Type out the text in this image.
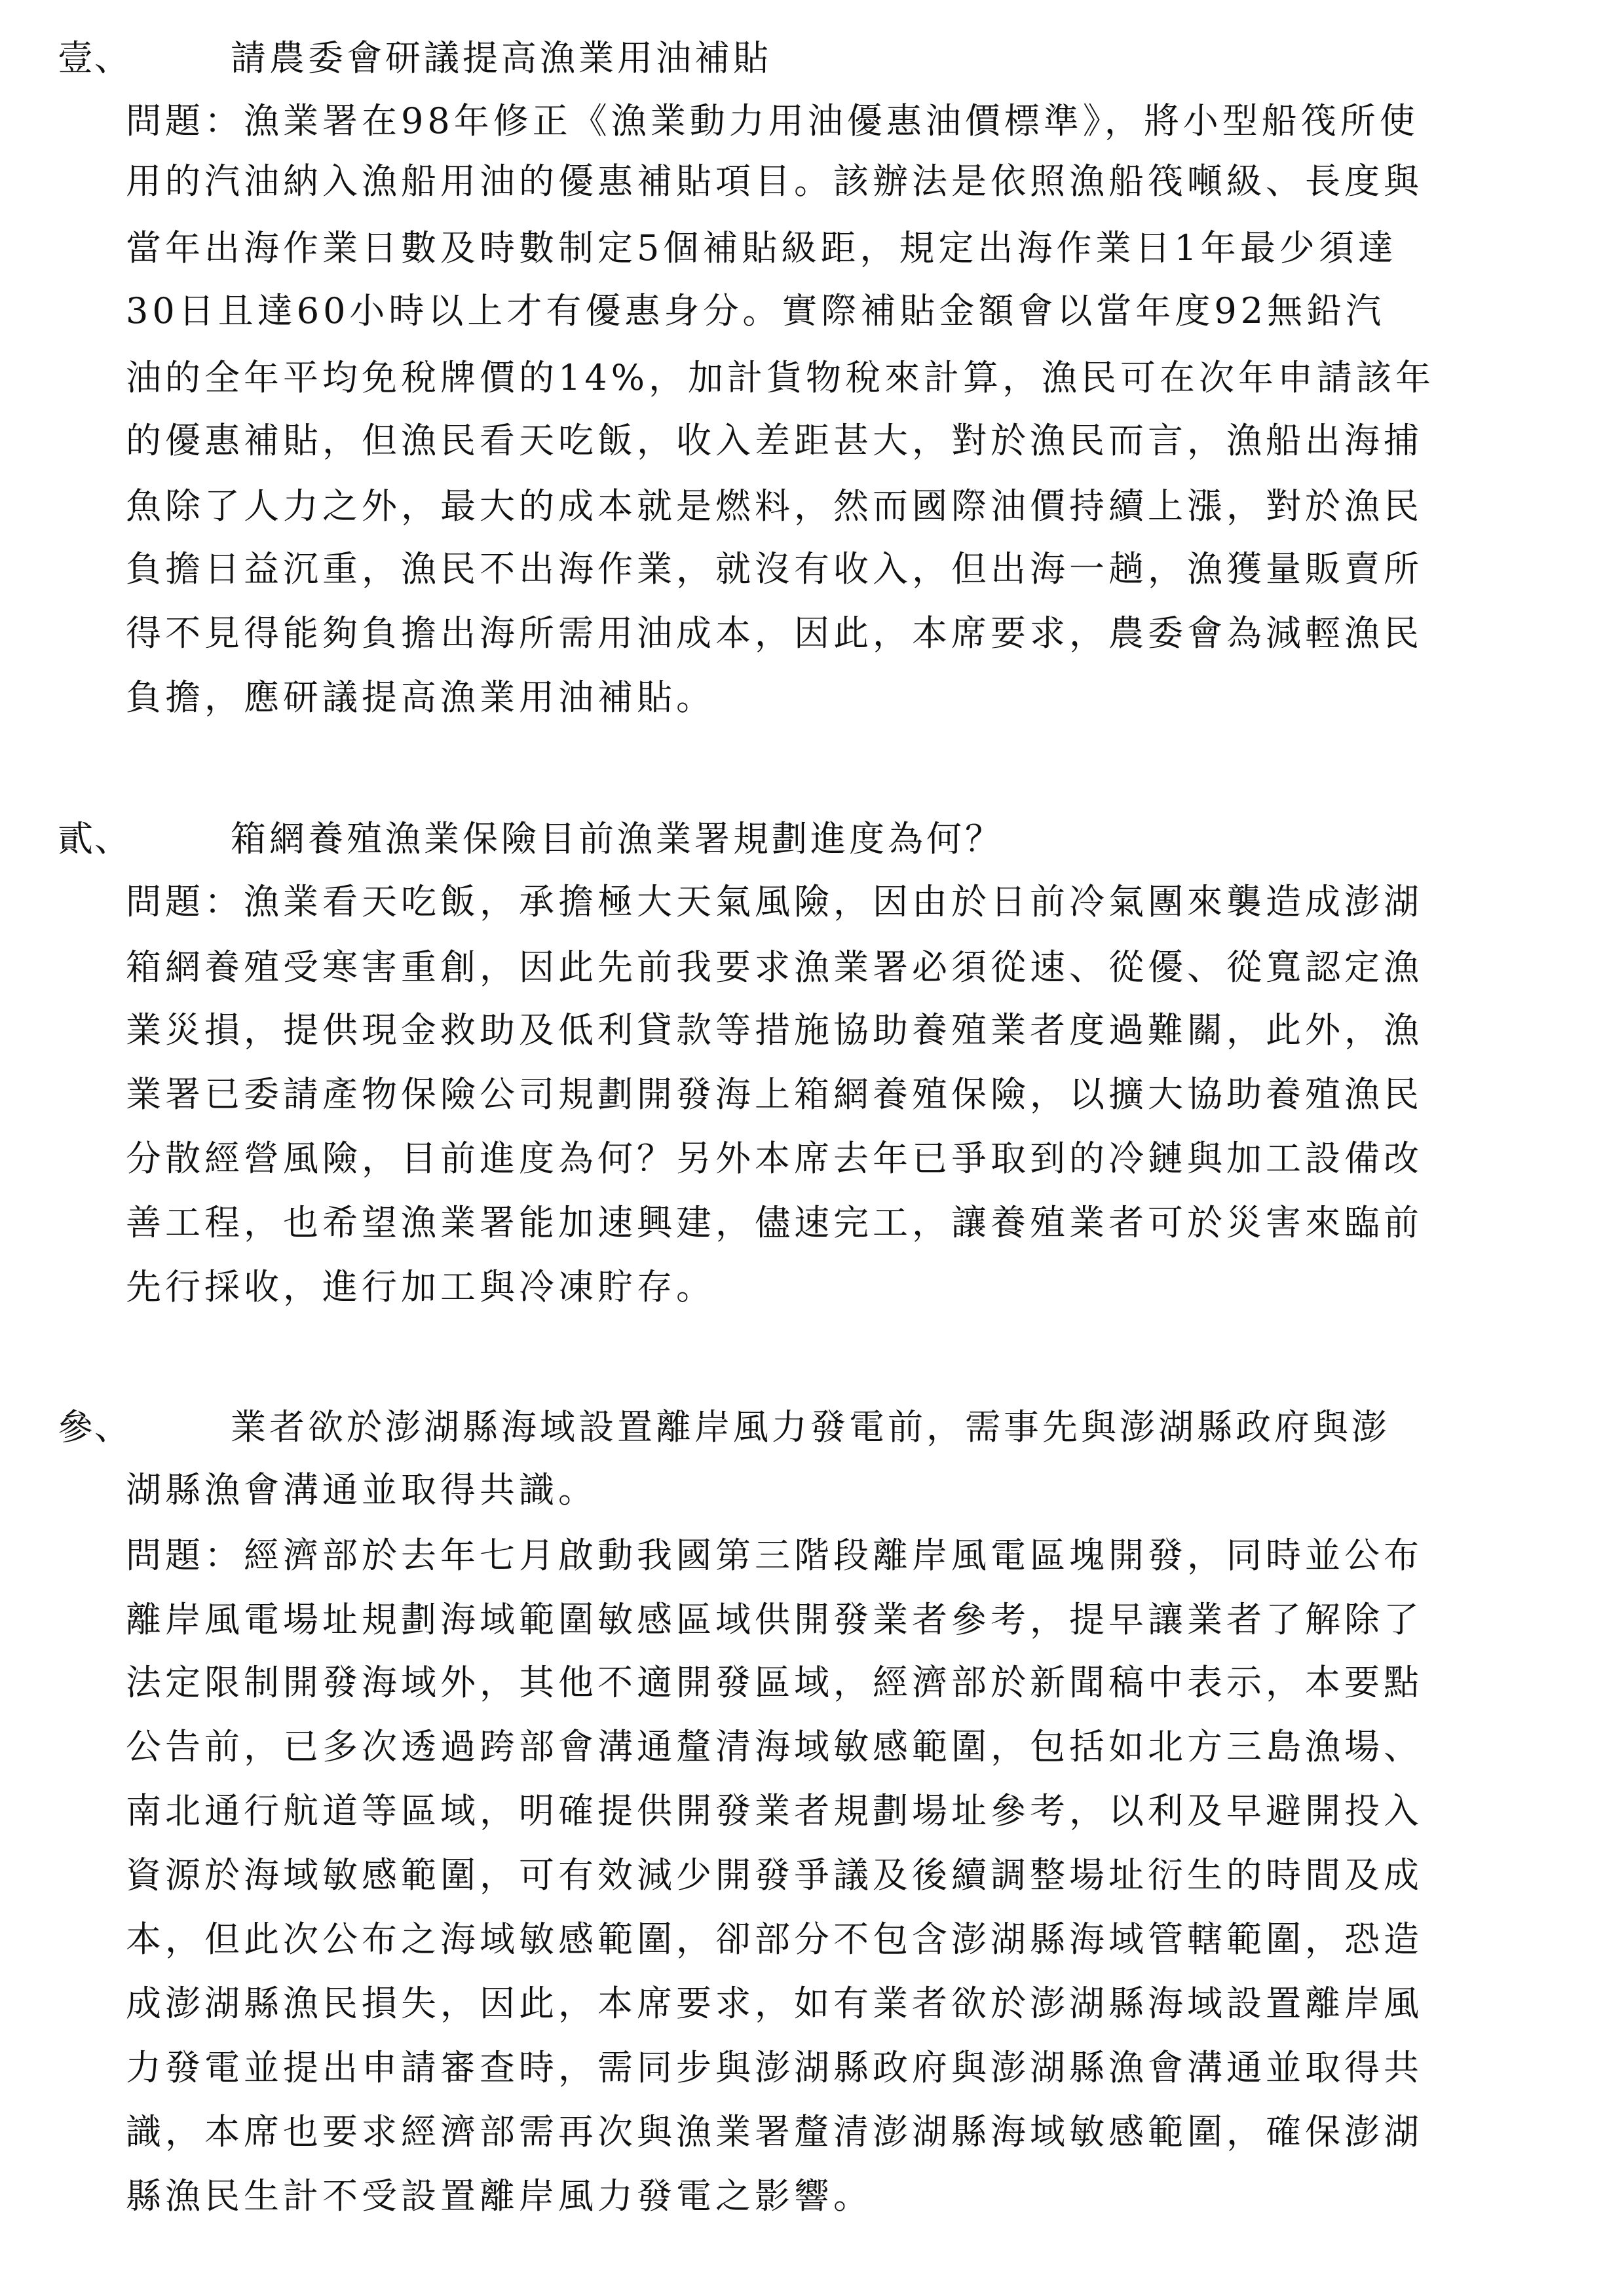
壹、	請農委會研議提高漁業用油補貼
問題：漁業署在98年修正《漁業動力用油優惠油價標準》，將小型船筏所使
用的汽油納入漁船用油的優惠補貼項目。該辦法是依照漁船筏噸級、長度與
當年出海作業日數及時數制定5個補貼級距，規定出海作業日1年最少須達
30日且達60小時以上才有優惠身分。實際補貼金額會以當年度92無鉛汽
油的全年平均免稅牌價的14%，加計貨物稅來計算，漁民可在次年申請該年
的優惠補貼，但漁民看天吃飯，收入差距甚大，對於漁民而言，漁船出海捕
魚除了人力之外，最大的成本就是燃料，然而國際油價持續上漲，對於漁民
負擔日益沉重，漁民不出海作業，就沒有收入，但出海一趟，漁獲量販賣所
得不見得能夠負擔出海所需用油成本，因此，本席要求，農委會為減輕漁民
負擔，應研議提高漁業用油補貼。
貳、	箱網養殖漁業保險目前漁業署規劃進度為何？
問題：漁業看天吃飯，承擔極大天氣風險，因由於日前冷氣團來襲造成澎湖
箱網養殖受寒害重創，因此先前我要求漁業署必須從速、從優、從寬認定漁
業災損，提供現金救助及低利貸款等措施協助養殖業者度過難關，此外，漁
業署已委請產物保險公司規劃開發海上箱網養殖保險，以擴大協助養殖漁民
分散經營風險，目前進度為何？另外本席去年已爭取到的冷鏈與加工設備改
善工程，也希望漁業署能加速興建，儘速完工，讓養殖業者可於災害來臨前
先行採收，進行加工與冷凍貯存。
參、	業者欲於澎湖縣海域設置離岸風力發電前，需事先與澎湖縣政府與澎
湖縣漁會溝通並取得共識。
問題：經濟部於去年七月啟動我國第三階段離岸風電區塊開發，同時並公布
離岸風電場址規劃海域範圍敏感區域供開發業者參考，提早讓業者了解除了
法定限制開發海域外，其他不適開發區域，經濟部於新聞稿中表示，本要點
公告前，已多次透過跨部會溝通釐清海域敏感範圍，包括如北方三島漁場、
南北通行航道等區域，明確提供開發業者規劃場址參考，以利及早避開投入
資源於海域敏感範圍，可有效減少開發爭議及後續調整場址衍生的時間及成
本，但此次公布之海域敏感範圍，卻部分不包含澎湖縣海域管轄範圍，恐造
成澎湖縣漁民損失，因此，本席要求，如有業者欲於澎湖縣海域設置離岸風
力發電並提出申請審查時，需同步與澎湖縣政府與澎湖縣漁會溝通並取得共
識，本席也要求經濟部需再次與漁業署釐清澎湖縣海域敏感範圍，確保澎湖
縣漁民生計不受設置離岸風力發電之影響。
